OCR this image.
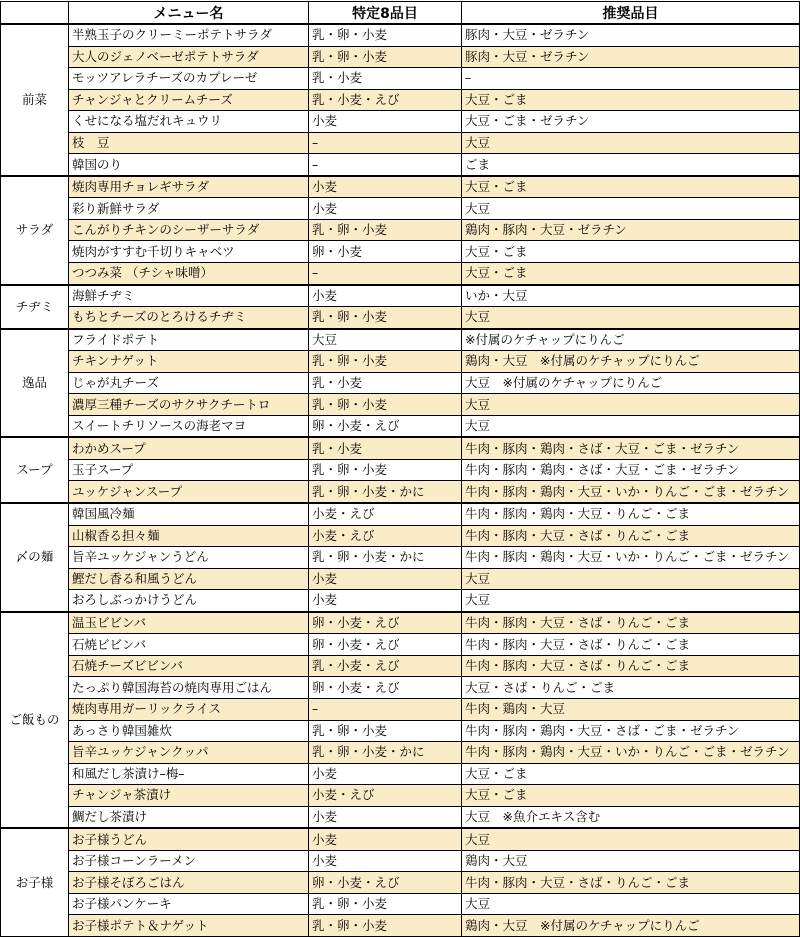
	メニュー名	特定8品目	推奨品目
前菜	半熟玉子のクリーミーポテトサラダ	乳・卵・小麦	豚肉・大豆・ゼラチン
	大人のジェノベーゼポテトサラダ	乳・卵・小麦	豚肉・大豆・ゼラチン
	モッツアレラチーズのカプレーゼ	乳・小麦	–
	チャンジャとクリームチーズ	乳・小麦・えび	大豆・ごま
	くせになる塩だれキュウリ	小麦	大豆・ごま・ゼラチン
	枝　豆	–	大豆
	韓国のり	–	ごま
サラダ	焼肉専用チョレギサラダ	小麦	大豆・ごま
	彩り新鮮サラダ	小麦	大豆
	こんがりチキンのシーザーサラダ	乳・卵・小麦	鶏肉・豚肉・大豆・ゼラチン
	焼肉がすすむ千切りキャベツ	卵・小麦	大豆・ごま
	つつみ菜 （チシャ味噌）	–	大豆・ごま
チヂミ	海鮮チヂミ	小麦	いか・大豆
	もちとチーズのとろけるチヂミ	乳・卵・小麦	大豆
逸品	フライドポテト	大豆	※付属のケチャップにりんご
	チキンナゲット	乳・卵・小麦	鶏肉・大豆　※付属のケチャップにりんご
	じゃが丸チーズ	乳・小麦	大豆　※付属のケチャップにりんご
	濃厚三種チーズのサクサクチートロ	乳・卵・小麦	大豆
	スイートチリソースの海老マヨ	卵・小麦・えび	大豆
スープ	わかめスープ	乳・小麦	牛肉・豚肉・鶏肉・さば・大豆・ごま・ゼラチン
	玉子スープ	乳・卵・小麦	牛肉・豚肉・鶏肉・さば・大豆・ごま・ゼラチン
	ユッケジャンスープ	乳・卵・小麦・かに	牛肉・豚肉・鶏肉・大豆・いか・りんご・ごま・ゼラチン
〆の麺	韓国風冷麺	小麦・えび	牛肉・豚肉・鶏肉・大豆・りんご・ごま
	山椒香る担々麺	小麦・えび	牛肉・豚肉・大豆・さば・りんご・ごま
	旨辛ユッケジャンうどん	乳・卵・小麦・かに	牛肉・豚肉・鶏肉・大豆・いか・りんご・ごま・ゼラチン
	鰹だし香る和風うどん	小麦	大豆
	おろしぶっかけうどん	小麦	大豆
ご飯もの	温玉ビビンバ	卵・小麦・えび	牛肉・豚肉・大豆・さば・りんご・ごま
	石焼ビビンバ	卵・小麦・えび	牛肉・豚肉・大豆・さば・りんご・ごま
	石焼チーズビビンバ	乳・小麦・えび	牛肉・豚肉・大豆・さば・りんご・ごま
	たっぷり韓国海苔の焼肉専用ごはん	卵・小麦・えび	大豆・さば・りんご・ごま
	焼肉専用ガーリックライス	–	牛肉・鶏肉・大豆
	あっさり韓国雑炊	乳・卵・小麦	牛肉・豚肉・鶏肉・大豆・さば・ごま・ゼラチン
	旨辛ユッケジャンクッパ	乳・卵・小麦・かに	牛肉・豚肉・鶏肉・大豆・いか・りんご・ごま・ゼラチン
	和風だし茶漬け–梅–	小麦	大豆・ごま
	チャンジャ茶漬け	小麦・えび	大豆・ごま
	鯛だし茶漬け	小麦	大豆　※魚介エキス含む
お子様	お子様うどん	小麦	大豆
	お子様コーンラーメン	小麦	鶏肉・大豆
	お子様そぼろごはん	卵・小麦・えび	牛肉・豚肉・大豆・さば・りんご・ごま
	お子様パンケーキ	乳・卵・小麦	大豆
	お子様ポテト＆ナゲット	乳・卵・小麦	鶏肉・大豆　※付属のケチャップにりんご
